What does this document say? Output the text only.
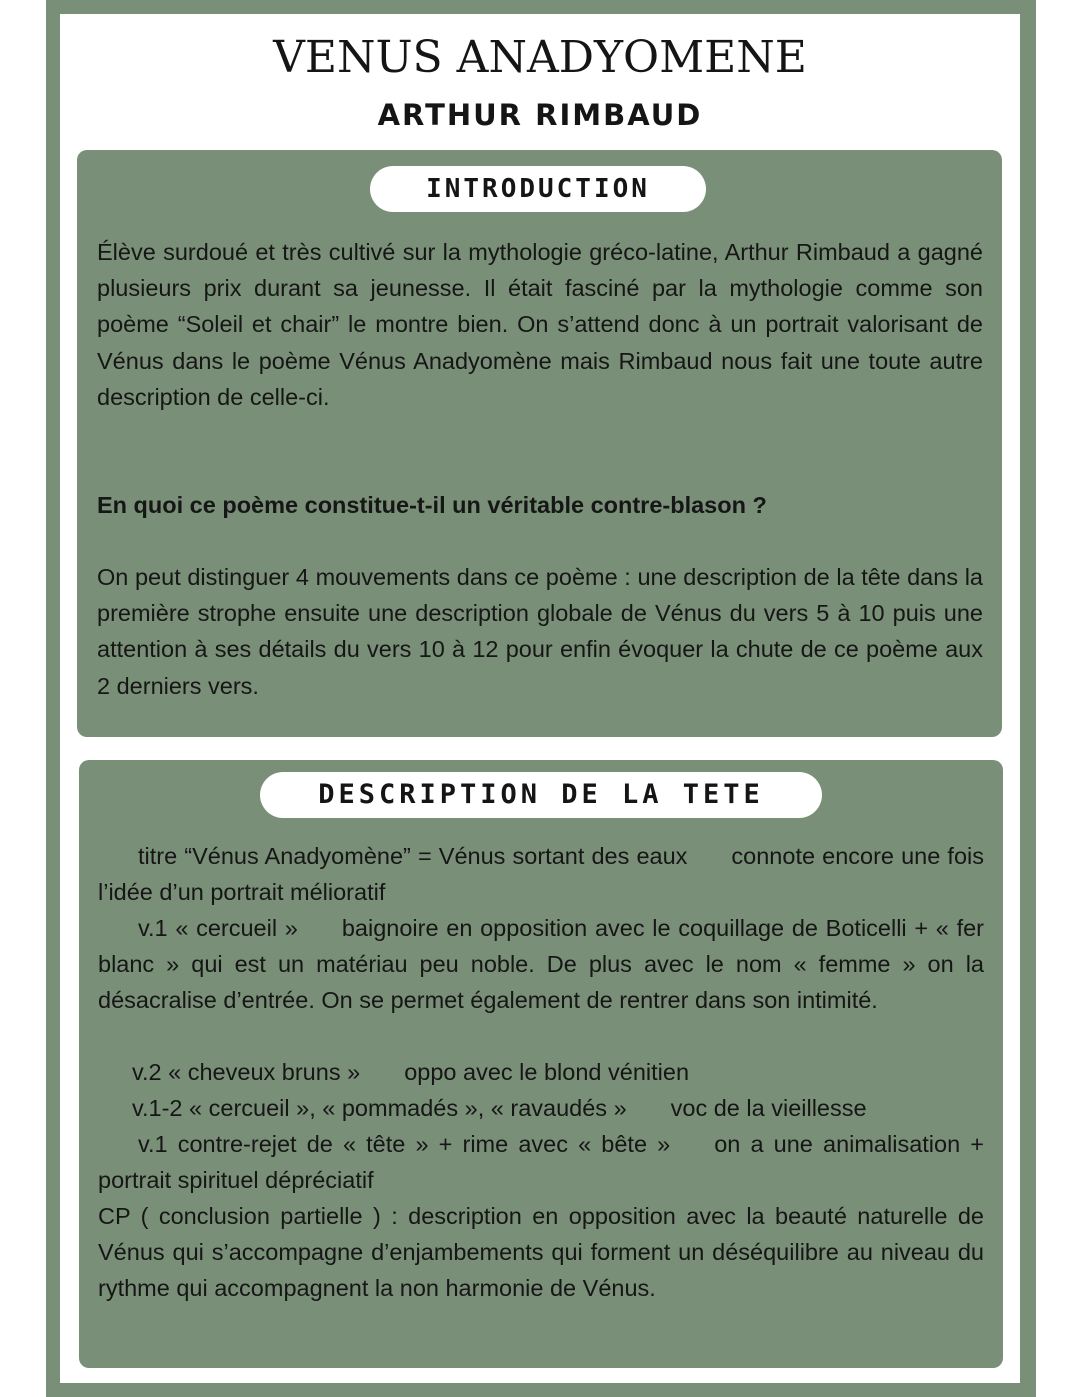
VENUS ANADYOMENE
ARTHUR RIMBAUD
INTRODUCTION

Élève surdoué et très cultivé sur la mythologie gréco-latine, Arthur Rimbaud a gagné plusieurs prix durant sa jeunesse. Il était fasciné par la mythologie comme son poème “Soleil et chair” le montre bien. On s’attend donc à un portrait valorisant de Vénus dans le poème Vénus Anadyomène mais Rimbaud nous fait une toute autre description de celle-ci.

En quoi ce poème constitue-t-il un véritable contre-blason ?

On peut distinguer 4 mouvements dans ce poème : une description de la tête dans la première strophe ensuite une description globale de Vénus du vers 5 à 10 puis une attention à ses détails du vers 10 à 12 pour enfin évoquer la chute de ce poème aux 2 derniers vers.

DESCRIPTION DE LA TETE

titre “Vénus Anadyomène” = Vénus sortant des eaux connote encore une fois l’idée d’un portrait mélioratif

v.1 « cercueil » baignoire en opposition avec le coquillage de Boticelli + « fer blanc » qui est un matériau peu noble. De plus avec le nom « femme » on la désacralise d’entrée. On se permet également de rentrer dans son intimité.

v.2 « cheveux bruns » oppo avec le blond vénitien

v.1-2 « cercueil », « pommadés », « ravaudés » voc de la vieillesse

v.1 contre-rejet de « tête » + rime avec « bête » on a une animalisation + portrait spirituel dépréciatif

CP ( conclusion partielle ) : description en opposition avec la beauté naturelle de Vénus qui s’accompagne d’enjambements qui forment un déséquilibre au niveau du rythme qui accompagnent la non harmonie de Vénus.
